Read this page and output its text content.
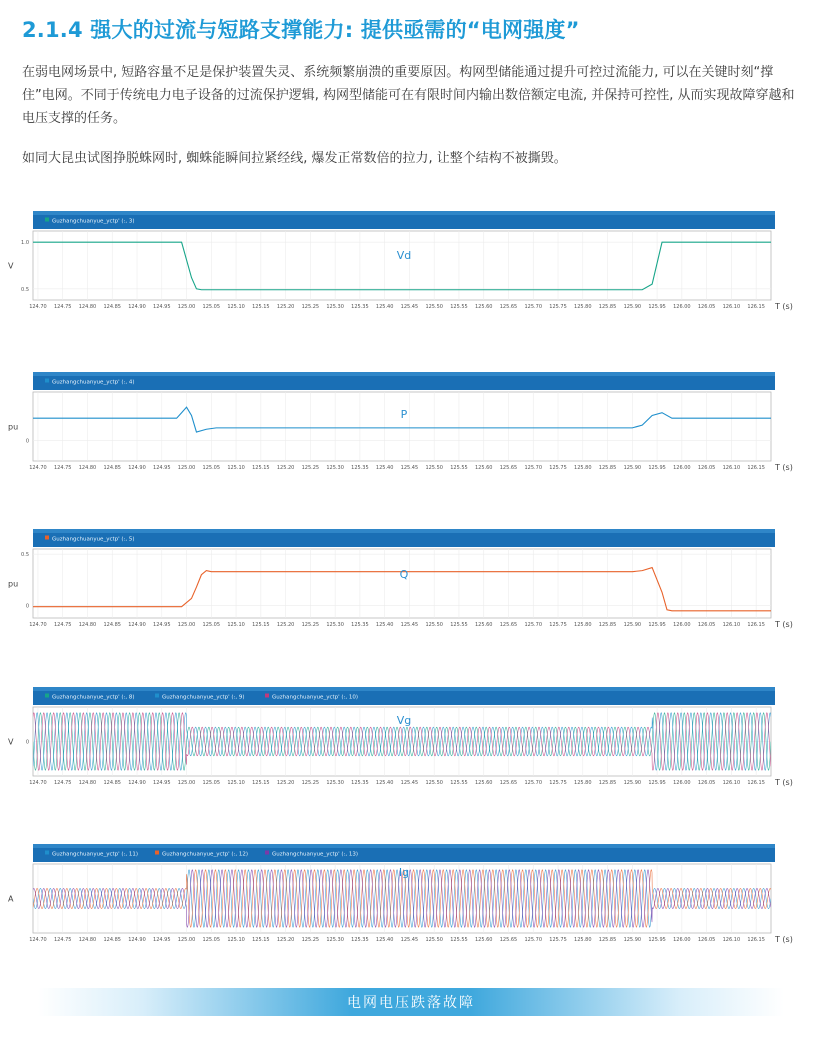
2.1.4 强大的过流与短路支撑能力: 提供亟需的“电网强度”

在弱电网场景中, 短路容量不足是保护装置失灵、系统频繁崩溃的重要原因。构网型储能通过提升可控过流能力, 可以在关键时刻“撑住”电网。不同于传统电力电子设备的过流保护逻辑, 构网型储能可在有限时间内输出数倍额定电流, 并保持可控性, 从而实现故障穿越和电压支撑的任务。

如同大昆虫试图挣脱蛛网时, 蜘蛛能瞬间拉紧经线, 爆发正常数倍的拉力, 让整个结构不被撕毁。

Guzhangchuanyue_yctp' (:, 3)
124.70 124.75 124.80 124.85 124.90 124.95 125.00 125.05 125.10 125.15 125.20 125.25 125.30 125.35 125.40 125.45 125.50 125.55 125.60 125.65 125.70 125.75 125.80 125.85 125.90 125.95 126.00 126.05 126.10 126.15
1.0
0.5
V
T (s)
Vd
Guzhangchuanyue_yctp' (:, 4)
124.70 124.75 124.80 124.85 124.90 124.95 125.00 125.05 125.10 125.15 125.20 125.25 125.30 125.35 125.40 125.45 125.50 125.55 125.60 125.65 125.70 125.75 125.80 125.85 125.90 125.95 126.00 126.05 126.10 126.15
0
pu
T (s)
P
Guzhangchuanyue_yctp' (:, 5)
124.70 124.75 124.80 124.85 124.90 124.95 125.00 125.05 125.10 125.15 125.20 125.25 125.30 125.35 125.40 125.45 125.50 125.55 125.60 125.65 125.70 125.75 125.80 125.85 125.90 125.95 126.00 126.05 126.10 126.15
0.5
0
pu
T (s)
Q
Guzhangchuanyue_yctp' (:, 8)	Guzhangchuanyue_yctp' (:, 9)	Guzhangchuanyue_yctp' (:, 10)
124.70 124.75 124.80 124.85 124.90 124.95 125.00 125.05 125.10 125.15 125.20 125.25 125.30 125.35 125.40 125.45 125.50 125.55 125.60 125.65 125.70 125.75 125.80 125.85 125.90 125.95 126.00 126.05 126.10 126.15
0
V
T (s)
Vg
Guzhangchuanyue_yctp' (:, 11)	Guzhangchuanyue_yctp' (:, 12)	Guzhangchuanyue_yctp' (:, 13)
124.70 124.75 124.80 124.85 124.90 124.95 125.00 125.05 125.10 125.15 125.20 125.25 125.30 125.35 125.40 125.45 125.50 125.55 125.60 125.65 125.70 125.75 125.80 125.85 125.90 125.95 126.00 126.05 126.10 126.15
A
T (s)
Ig
电网电压跌落故障
